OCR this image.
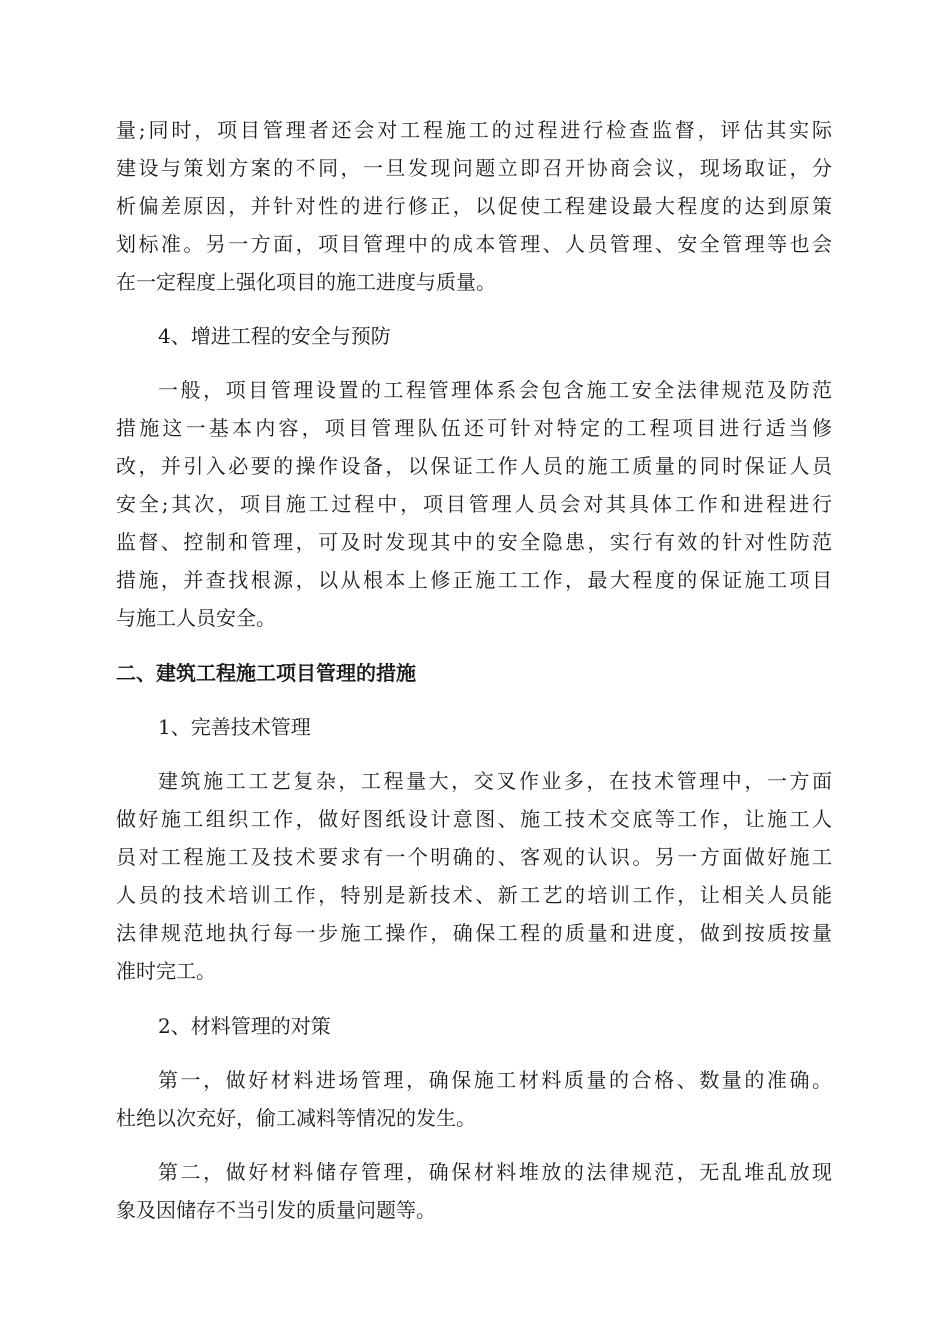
量;同时，项目管理者还会对工程施工的过程进行检查监督，评估其实际
建设与策划方案的不同，一旦发现问题立即召开协商会议，现场取证，分
析偏差原因，并针对性的进行修正，以促使工程建设最大程度的达到原策
划标准。另一方面，项目管理中的成本管理、人员管理、安全管理等也会
在一定程度上强化项目的施工进度与质量。
4、增进工程的安全与预防
一般，项目管理设置的工程管理体系会包含施工安全法律规范及防范
措施这一基本内容，项目管理队伍还可针对特定的工程项目进行适当修
改，并引入必要的操作设备，以保证工作人员的施工质量的同时保证人员
安全;其次，项目施工过程中，项目管理人员会对其具体工作和进程进行
监督、控制和管理，可及时发现其中的安全隐患，实行有效的针对性防范
措施，并查找根源，以从根本上修正施工工作，最大程度的保证施工项目
与施工人员安全。
二、建筑工程施工项目管理的措施
1、完善技术管理
建筑施工工艺复杂，工程量大，交叉作业多，在技术管理中，一方面
做好施工组织工作，做好图纸设计意图、施工技术交底等工作，让施工人
员对工程施工及技术要求有一个明确的、客观的认识。另一方面做好施工
人员的技术培训工作，特别是新技术、新工艺的培训工作，让相关人员能
法律规范地执行每一步施工操作，确保工程的质量和进度，做到按质按量
准时完工。
2、材料管理的对策
第一，做好材料进场管理，确保施工材料质量的合格、数量的准确。
杜绝以次充好，偷工减料等情况的发生。
第二，做好材料储存管理，确保材料堆放的法律规范，无乱堆乱放现
象及因储存不当引发的质量问题等。
